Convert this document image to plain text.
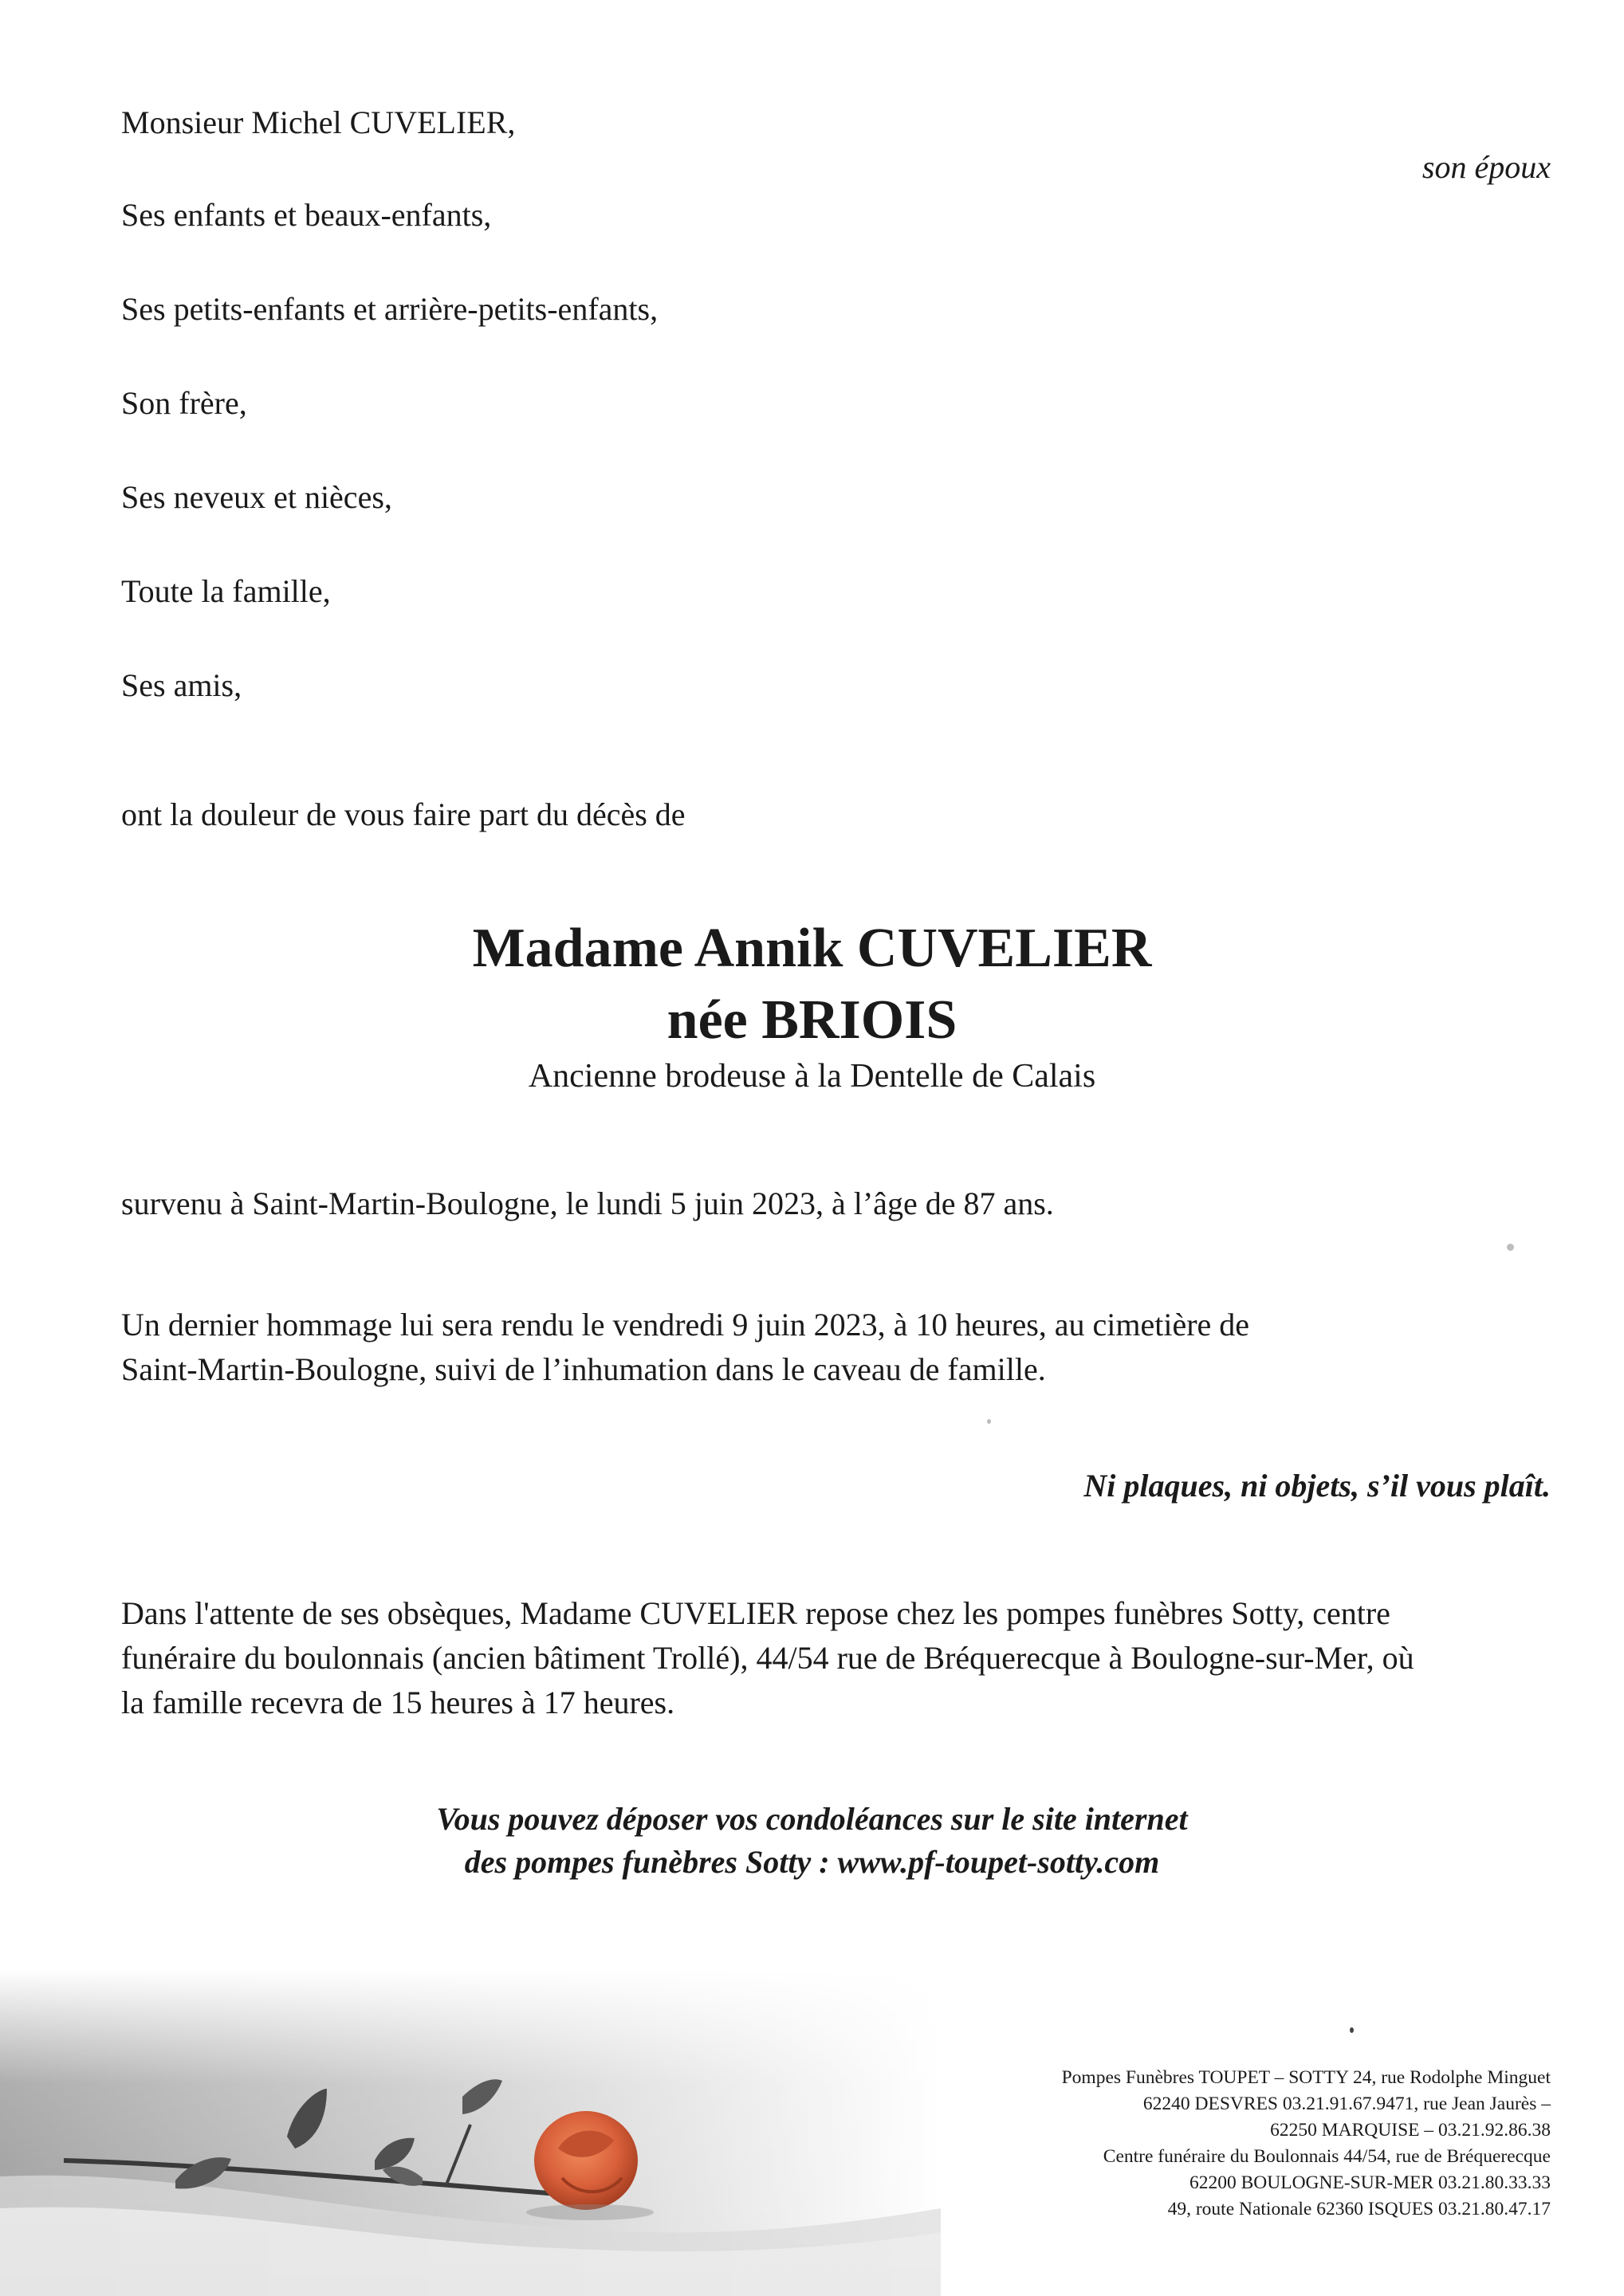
Monsieur Michel CUVELIER,
son époux
Ses enfants et beaux-enfants,
Ses petits-enfants et arrière-petits-enfants,
Son frère,
Ses neveux et nièces,
Toute la famille,
Ses amis,
ont la douleur de vous faire part du décès de
Madame Annik CUVELIER
née BRIOIS
Ancienne brodeuse à la Dentelle de Calais
survenu à Saint-Martin-Boulogne, le lundi 5 juin 2023, à l’âge de 87 ans.
Un dernier hommage lui sera rendu le vendredi 9 juin 2023, à 10 heures, au cimetière de
Saint-Martin-Boulogne, suivi de l’inhumation dans le caveau de famille.
Ni plaques, ni objets, s’il vous plaît.
Dans l'attente de ses obsèques, Madame CUVELIER repose chez les pompes funèbres Sotty, centre
funéraire du boulonnais (ancien bâtiment Trollé), 44/54 rue de Bréquerecque à Boulogne-sur-Mer, où
la famille recevra de 15 heures à 17 heures.
Vous pouvez déposer vos condoléances sur le site internet
des pompes funèbres Sotty : www.pf-toupet-sotty.com
Pompes Funèbres TOUPET – SOTTY 24, rue Rodolphe Minguet
62240 DESVRES 03.21.91.67.9471, rue Jean Jaurès –
62250 MARQUISE – 03.21.92.86.38
Centre funéraire du Boulonnais 44/54, rue de Bréquerecque
62200 BOULOGNE-SUR-MER 03.21.80.33.33
49, route Nationale 62360 ISQUES 03.21.80.47.17
